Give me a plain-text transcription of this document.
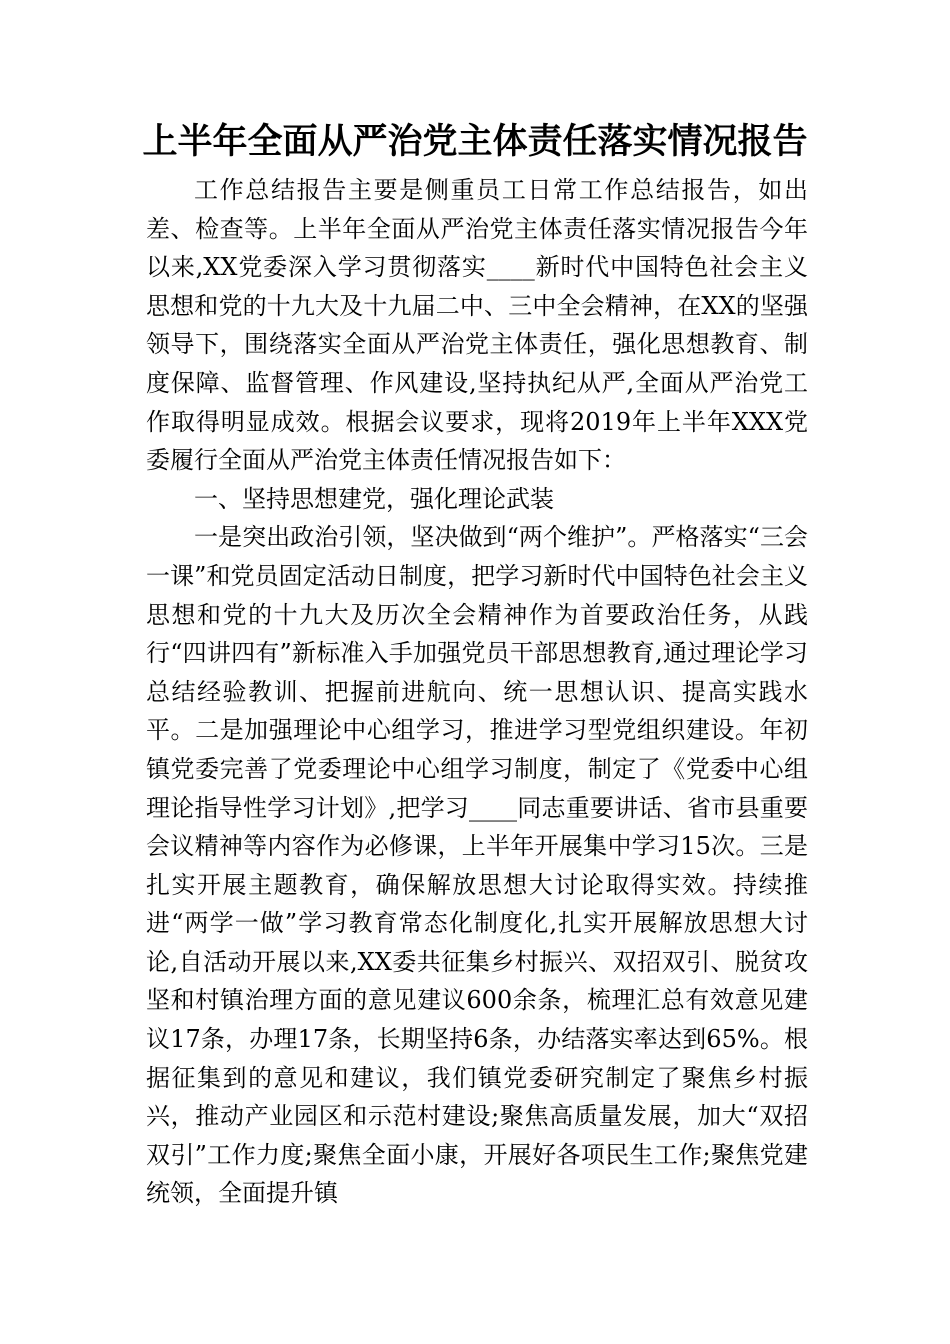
上半年全面从严治党主体责任落实情况报告

工作总结报告主要是侧重员工日常工作总结报告，如出差、检查等。上半年全面从严治党主体责任落实情况报告今年以来,XX党委深入学习贯彻落实____新时代中国特色社会主义思想和党的十九大及十九届二中、三中全会精神，在XX的坚强领导下，围绕落实全面从严治党主体责任，强化思想教育、制度保障、监督管理、作风建设,坚持执纪从严,全面从严治党工作取得明显成效。根据会议要求，现将2019年上半年XXX党委履行全面从严治党主体责任情况报告如下：

一、坚持思想建党，强化理论武装

一是突出政治引领，坚决做到“两个维护”。严格落实“三会一课”和党员固定活动日制度，把学习新时代中国特色社会主义思想和党的十九大及历次全会精神作为首要政治任务，从践行“四讲四有”新标准入手加强党员干部思想教育,通过理论学习总结经验教训、把握前进航向、统一思想认识、提高实践水平。二是加强理论中心组学习，推进学习型党组织建设。年初镇党委完善了党委理论中心组学习制度，制定了《党委中心组理论指导性学习计划》,把学习____同志重要讲话、省市县重要会议精神等内容作为必修课，上半年开展集中学习15次。三是扎实开展主题教育，确保解放思想大讨论取得实效。持续推进“两学一做”学习教育常态化制度化,扎实开展解放思想大讨论,自活动开展以来,XX委共征集乡村振兴、双招双引、脱贫攻坚和村镇治理方面的意见建议600余条，梳理汇总有效意见建议17条，办理17条，长期坚持6条，办结落实率达到65%。根据征集到的意见和建议，我们镇党委研究制定了聚焦乡村振兴，推动产业园区和示范村建设;聚焦高质量发展，加大“双招双引”工作力度;聚焦全面小康，开展好各项民生工作;聚焦党建统领，全面提升镇
